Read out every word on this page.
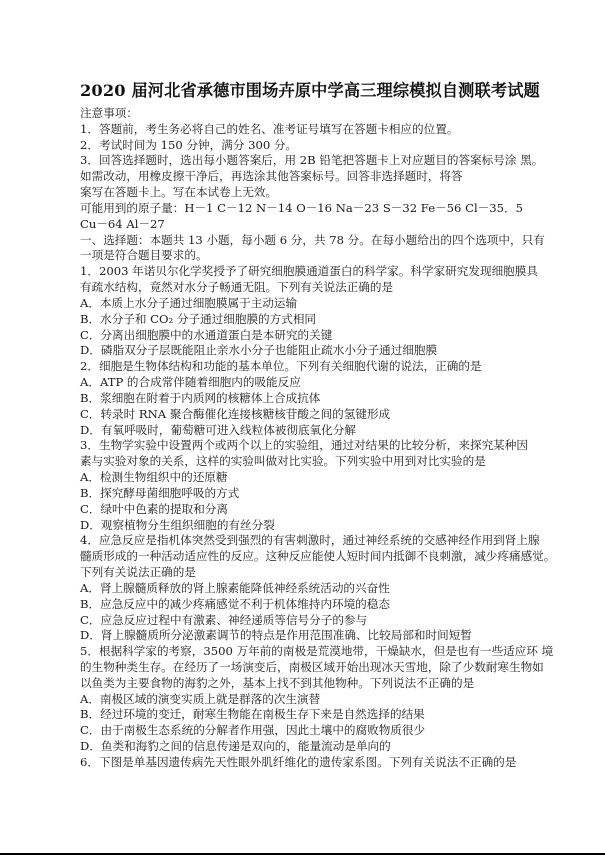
2020 届河北省承德市围场卉原中学高三理综模拟自测联考试题
注意事项：
1．答题前，考生务必将自己的姓名、准考证号填写在答题卡相应的位置。
2．考试时间为 150 分钟，满分 300 分。
3．回答选择题时，选出每小题答案后，用 2B 铅笔把答题卡上对应题目的答案标号涂 黑。
如需改动，用橡皮擦干净后，再选涂其他答案标号。回答非选择题时，将答
案写在答题卡上。写在本试卷上无效。
可能用到的原子量：H－1 C－12 N－14 O－16 Na－23 S－32 Fe－56 Cl－35．5
Cu－64 Al－27
一、选择题：本题共 13 小题，每小题 6 分，共 78 分。在每小题给出的四个选项中，只有
一项是符合题目要求的。
1．2003 年诺贝尔化学奖授予了研究细胞膜通道蛋白的科学家。科学家研究发现细胞膜具
有疏水结构，竟然对水分子畅通无阻。下列有关说法正确的是
A．本质上水分子通过细胞膜属于主动运输
B．水分子和 CO₂ 分子通过细胞膜的方式相同
C．分离出细胞膜中的水通道蛋白是本研究的关键
D．磷脂双分子层既能阻止亲水小分子也能阻止疏水小分子通过细胞膜
2．细胞是生物体结构和功能的基本单位。下列有关细胞代谢的说法，正确的是
A．ATP 的合成常伴随着细胞内的吸能反应
B．浆细胞在附着于内质网的核糖体上合成抗体
C．转录时 RNA 聚合酶催化连接核糖核苷酸之间的氢键形成
D．有氧呼吸时，葡萄糖可进入线粒体被彻底氧化分解
3．生物学实验中设置两个或两个以上的实验组，通过对结果的比较分析，来探究某种因
素与实验对象的关系，这样的实验叫做对比实验。下列实验中用到对比实验的是
A．检测生物组织中的还原糖
B．探究酵母菌细胞呼吸的方式
C．绿叶中色素的提取和分离
D．观察植物分生组织细胞的有丝分裂
4．应急反应是指机体突然受到强烈的有害刺激时，通过神经系统的交感神经作用到肾上腺
髓质形成的一种活动适应性的反应。这种反应能使人短时间内抵御不良刺激，减少疼痛感觉。
下列有关说法正确的是
A．肾上腺髓质释放的肾上腺素能降低神经系统活动的兴奋性
B．应急反应中的减少疼痛感觉不利于机体维持内环境的稳态
C．应急反应过程中有激素、神经递质等信号分子的参与
D．肾上腺髓质所分泌激素调节的特点是作用范围准确、比较局部和时间短暂
5．根据科学家的考察，3500 万年前的南极是荒漠地带，干燥缺水，但是也有一些适应环 境
的生物种类生存。在经历了一场演变后，南极区域开始出现冰天雪地，除了少数耐寒生物如
以鱼类为主要食物的海豹之外，基本上找不到其他物种。下列说法不正确的是
A．南极区域的演变实质上就是群落的次生演替
B．经过环境的变迁，耐寒生物能在南极生存下来是自然选择的结果
C．由于南极生态系统的分解者作用强，因此土壤中的腐败物质很少
D．鱼类和海豹之间的信息传递是双向的，能量流动是单向的
6．下图是单基因遗传病先天性眼外肌纤维化的遗传家系图。下列有关说法不正确的是
